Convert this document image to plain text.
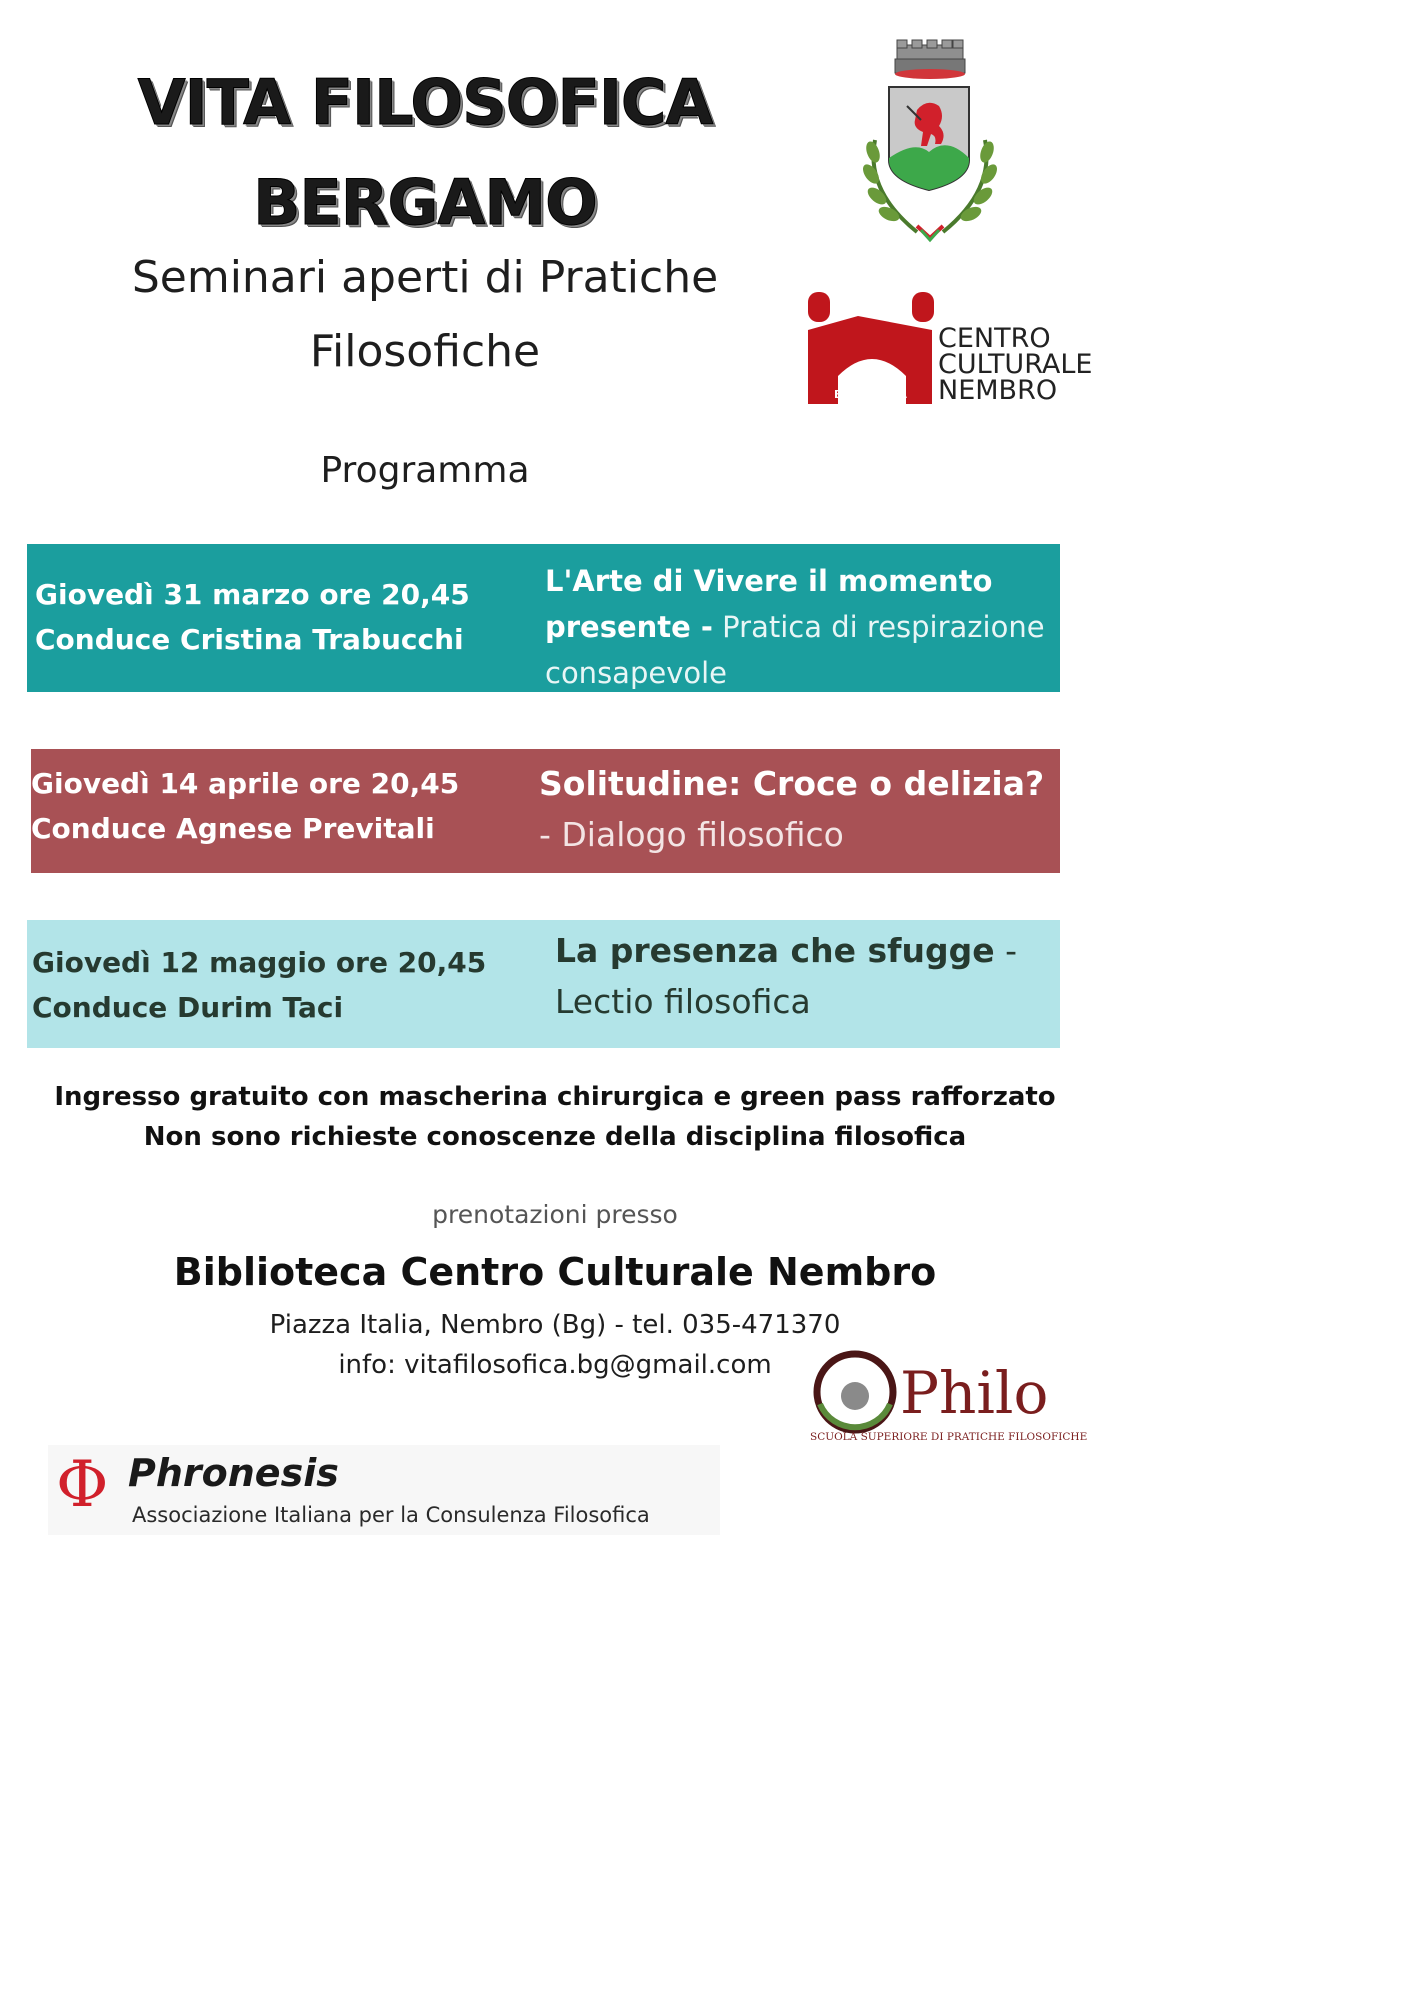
VITA FILOSOFICA
BERGAMO
Seminari aperti di Pratiche
Filosofiche
Programma
BIBLIOTECA
CENTRO
CULTURALE
NEMBRO
Giovedì 31 marzo ore 20,45
Conduce Cristina Trabucchi
L'Arte di Vivere il momento
presente - Pratica di respirazione
consapevole
Giovedì 14 aprile ore 20,45
Conduce Agnese Previtali
Solitudine: Croce o delizia?
- Dialogo filosofico
Giovedì 12 maggio ore 20,45
Conduce Durim Taci
La presenza che sfugge -
Lectio filosofica
Ingresso gratuito con mascherina chirurgica e green pass rafforzato
Non sono richieste conoscenze della disciplina filosofica
prenotazioni presso
Biblioteca Centro Culturale Nembro
Piazza Italia, Nembro (Bg) - tel. 035-471370
info: vitafilosofica.bg@gmail.com	Philo
SCUOLA SUPERIORE DI PRATICHE FILOSOFICHE
Φ Phronesis
Associazione Italiana per la Consulenza Filosofica
